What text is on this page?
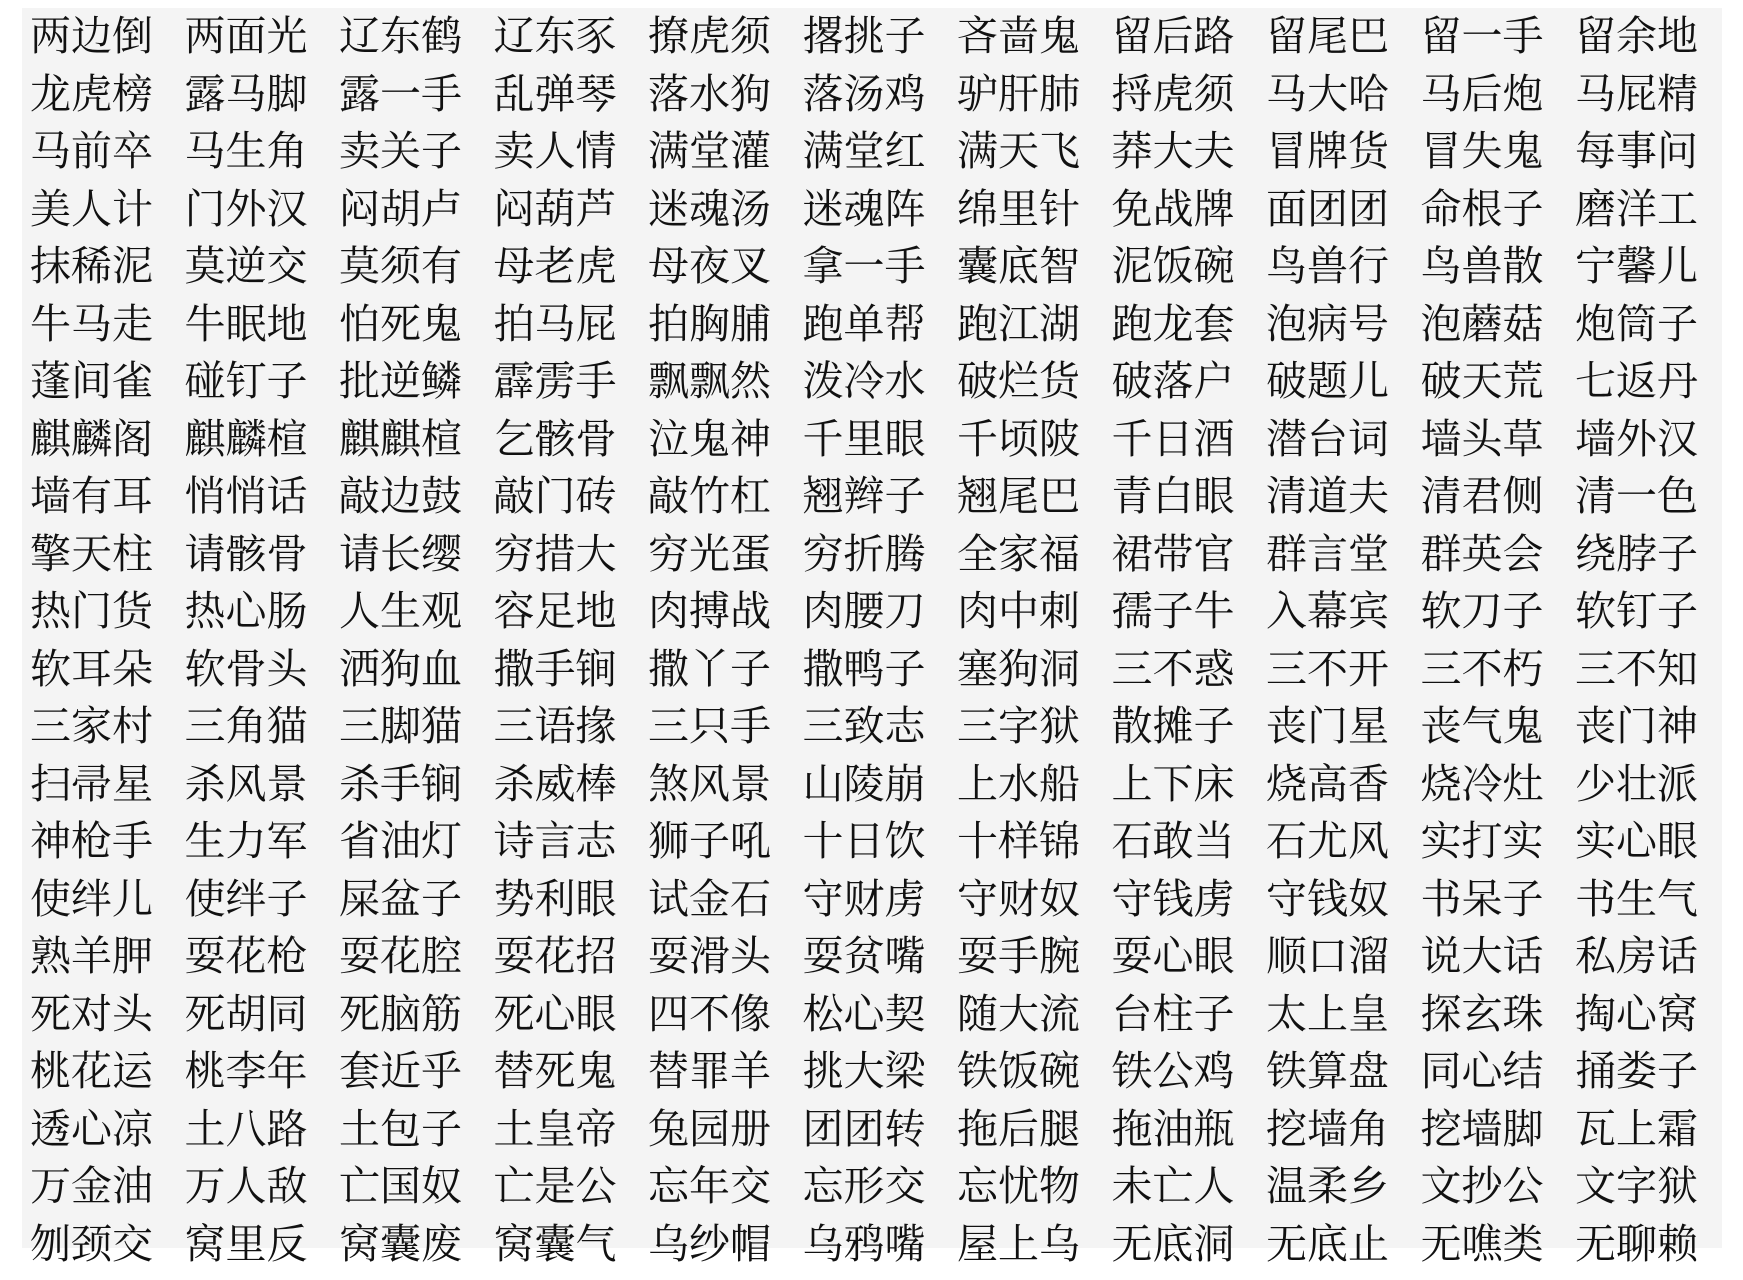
两边倒 两面光 辽东鹤 辽东豕 撩虎须 撂挑子 吝啬鬼 留后路 留尾巴 留一手 留余地
龙虎榜 露马脚 露一手 乱弹琴 落水狗 落汤鸡 驴肝肺 捋虎须 马大哈 马后炮 马屁精
马前卒 马生角 卖关子 卖人情 满堂灌 满堂红 满天飞 莽大夫 冒牌货 冒失鬼 每事问
美人计 门外汉 闷胡卢 闷葫芦 迷魂汤 迷魂阵 绵里针 免战牌 面团团 命根子 磨洋工
抹稀泥 莫逆交 莫须有 母老虎 母夜叉 拿一手 囊底智 泥饭碗 鸟兽行 鸟兽散 宁馨儿
牛马走 牛眠地 怕死鬼 拍马屁 拍胸脯 跑单帮 跑江湖 跑龙套 泡病号 泡蘑菇 炮筒子
蓬间雀 碰钉子 批逆鳞 霹雳手 飘飘然 泼冷水 破烂货 破落户 破题儿 破天荒 七返丹
麒麟阁 麒麟楦 麒麒楦 乞骸骨 泣鬼神 千里眼 千顷陂 千日酒 潜台词 墙头草 墙外汉
墙有耳 悄悄话 敲边鼓 敲门砖 敲竹杠 翘辫子 翘尾巴 青白眼 清道夫 清君侧 清一色
擎天柱 请骸骨 请长缨 穷措大 穷光蛋 穷折腾 全家福 裙带官 群言堂 群英会 绕脖子
热门货 热心肠 人生观 容足地 肉搏战 肉腰刀 肉中刺 孺子牛 入幕宾 软刀子 软钉子
软耳朵 软骨头 洒狗血 撒手锏 撒丫子 撒鸭子 塞狗洞 三不惑 三不开 三不朽 三不知
三家村 三角猫 三脚猫 三语掾 三只手 三致志 三字狱 散摊子 丧门星 丧气鬼 丧门神
扫帚星 杀风景 杀手锏 杀威棒 煞风景 山陵崩 上水船 上下床 烧高香 烧冷灶 少壮派
神枪手 生力军 省油灯 诗言志 狮子吼 十日饮 十样锦 石敢当 石尤风 实打实 实心眼
使绊儿 使绊子 屎盆子 势利眼 试金石 守财虏 守财奴 守钱虏 守钱奴 书呆子 书生气
熟羊胛 耍花枪 耍花腔 耍花招 耍滑头 耍贫嘴 耍手腕 耍心眼 顺口溜 说大话 私房话
死对头 死胡同 死脑筋 死心眼 四不像 松心契 随大流 台柱子 太上皇 探玄珠 掏心窝
桃花运 桃李年 套近乎 替死鬼 替罪羊 挑大梁 铁饭碗 铁公鸡 铁算盘 同心结 捅娄子
透心凉 土八路 土包子 土皇帝 兔园册 团团转 拖后腿 拖油瓶 挖墙角 挖墙脚 瓦上霜
万金油 万人敌 亡国奴 亡是公 忘年交 忘形交 忘忧物 未亡人 温柔乡 文抄公 文字狱
刎颈交 窝里反 窝囊废 窝囊气 乌纱帽 乌鸦嘴 屋上乌 无底洞 无底止 无噍类 无聊赖
